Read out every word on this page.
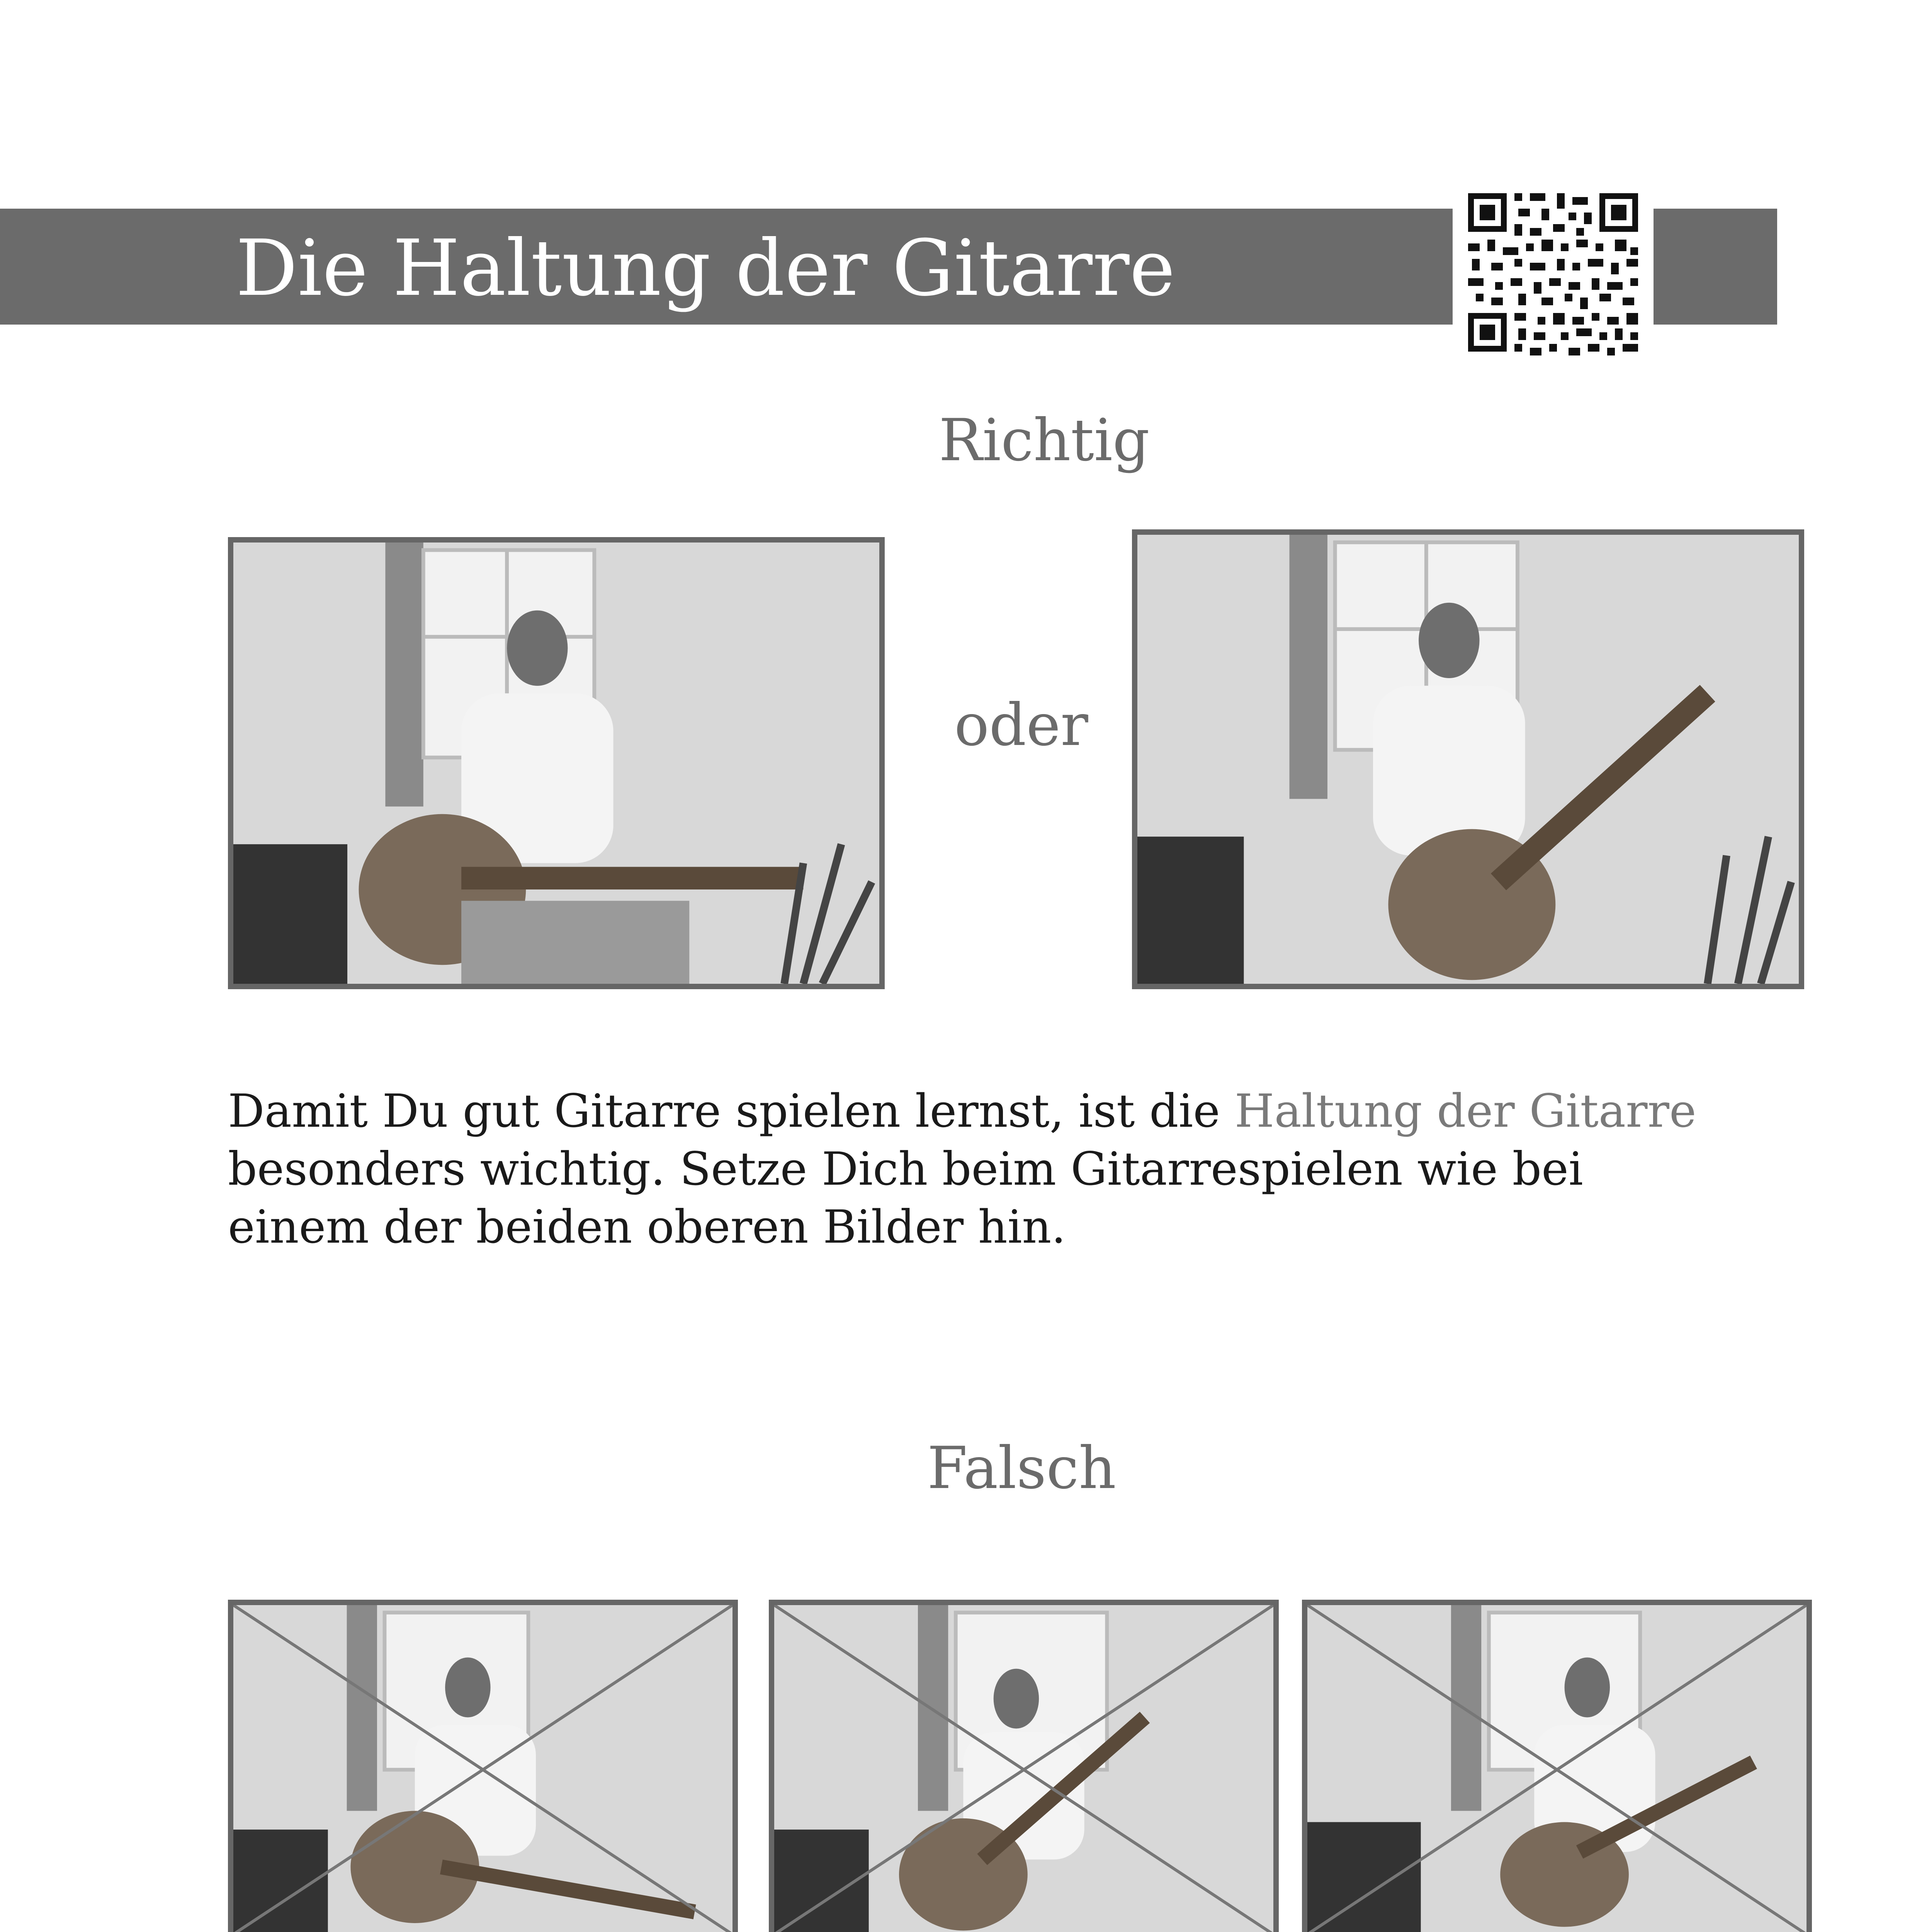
Die Haltung der Gitarre
Richtig
oder
Damit Du gut Gitarre spielen lernst, ist die Haltung der Gitarre besonders wichtig. Setze Dich beim Gitarrespielen wie bei einem der beiden oberen Bilder hin.
Falsch
